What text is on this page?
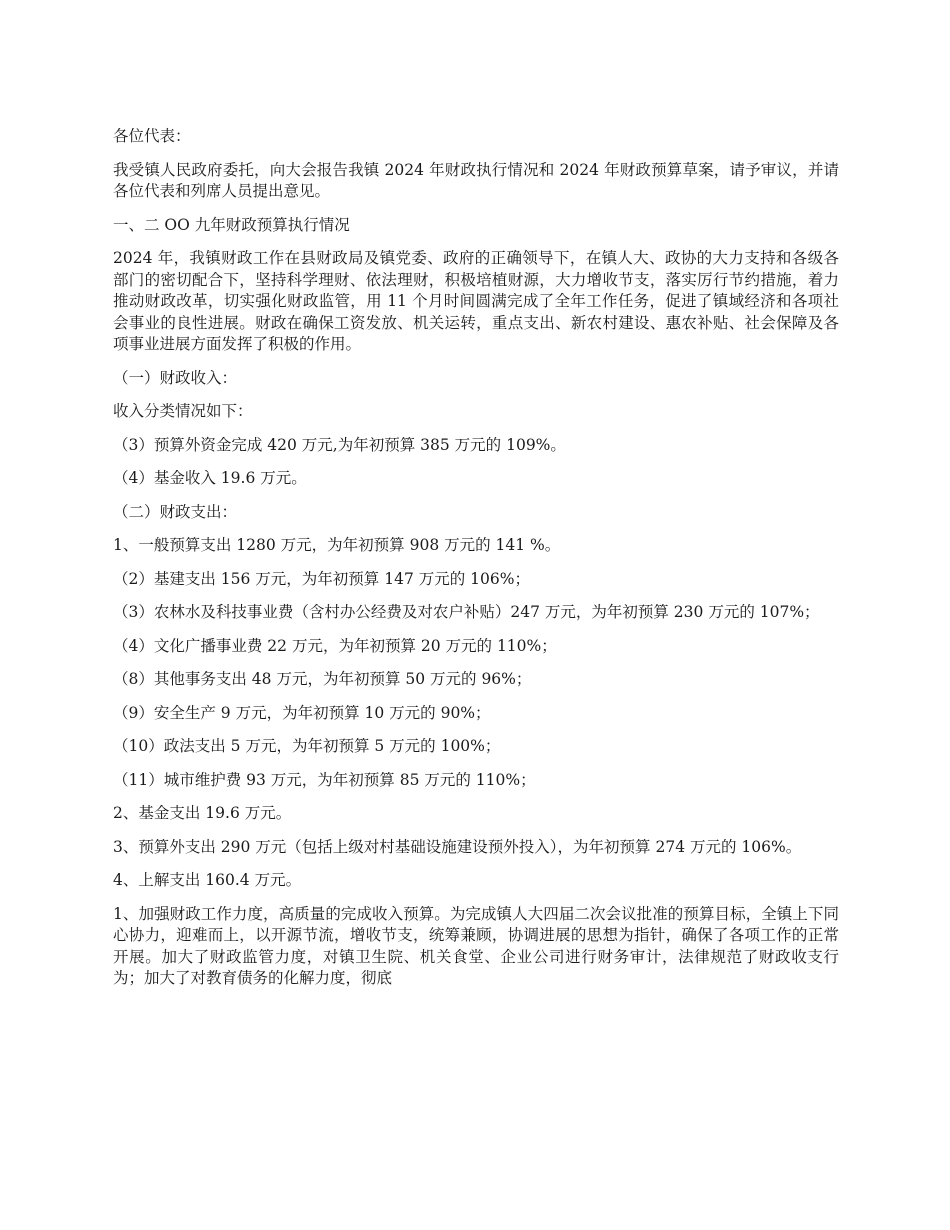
各位代表：

我受镇人民政府委托，向大会报告我镇 2024 年财政执行情况和 2024 年财政预算草案，请予审议，并请各位代表和列席人员提出意见。

一、二 OO 九年财政预算执行情况

2024 年，我镇财政工作在县财政局及镇党委、政府的正确领导下，在镇人大、政协的大力支持和各级各部门的密切配合下，坚持科学理财、依法理财，积极培植财源，大力增收节支，落实厉行节约措施，着力推动财政改革，切实强化财政监管，用 11 个月时间圆满完成了全年工作任务，促进了镇域经济和各项社会事业的良性进展。财政在确保工资发放、机关运转，重点支出、新农村建设、惠农补贴、社会保障及各项事业进展方面发挥了积极的作用。

（一）财政收入：

收入分类情况如下：

（3）预算外资金完成 420 万元,为年初预算 385 万元的 109%。

（4）基金收入 19.6 万元。

（二）财政支出：

1、一般预算支出 1280 万元，为年初预算 908 万元的 141 %。

（2）基建支出 156 万元，为年初预算 147 万元的 106%；

（3）农林水及科技事业费（含村办公经费及对农户补贴）247 万元，为年初预算 230 万元的 107%；

（4）文化广播事业费 22 万元，为年初预算 20 万元的 110%；

（8）其他事务支出 48 万元，为年初预算 50 万元的 96%；

（9）安全生产 9 万元，为年初预算 10 万元的 90%；

（10）政法支出 5 万元，为年初预算 5 万元的 100%；

（11）城市维护费 93 万元，为年初预算 85 万元的 110%；

2、基金支出 19.6 万元。

3、预算外支出 290 万元（包括上级对村基础设施建设预外投入），为年初预算 274 万元的 106%。

4、上解支出 160.4 万元。

1、加强财政工作力度，高质量的完成收入预算。为完成镇人大四届二次会议批准的预算目标，全镇上下同心协力，迎难而上，以开源节流，增收节支，统筹兼顾，协调进展的思想为指针，确保了各项工作的正常开展。加大了财政监管力度，对镇卫生院、机关食堂、企业公司进行财务审计，法律规范了财政收支行为；加大了对教育债务的化解力度，彻底
